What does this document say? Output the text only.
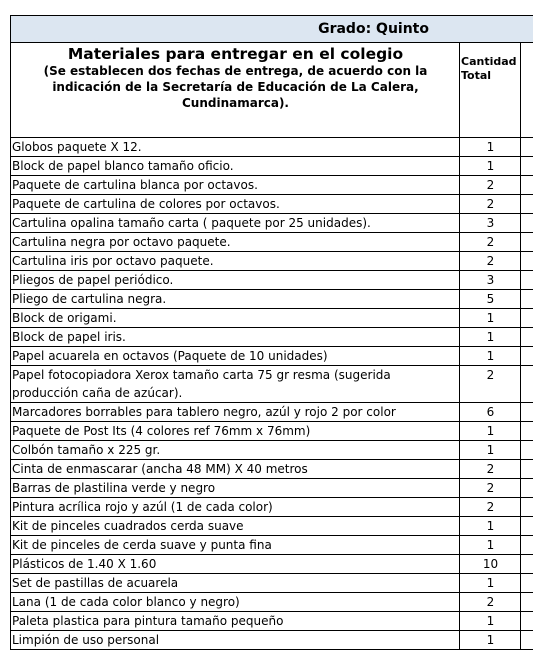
Grado: Quinto		

Materiales para entregar en el colegio
(Se establecen dos fechas de entrega, de acuerdo con la indicación de la Secretaría de Educación de La Calera, Cundinamarca).	Cantidad Total	
Globos paquete X 12.	1	
Block de papel blanco tamaño oficio.	1	
Paquete de cartulina blanca por octavos.	2	
Paquete de cartulina de colores por octavos.	2	
Cartulina opalina tamaño carta ( paquete por 25 unidades).	3	
Cartulina negra por octavo paquete.	2	
Cartulina iris por octavo paquete.	2	
Pliegos de papel periódico.	3	
Pliego de cartulina negra.	5	
Block de origami.	1	
Block de papel iris.	1	
Papel acuarela en octavos (Paquete de 10 unidades)	1	
Papel fotocopiadora Xerox tamaño carta 75 gr resma (sugerida producción caña de azúcar).	2	
Marcadores borrables para tablero negro, azúl y rojo 2 por color	6	
Paquete de Post Its (4 colores ref 76mm x 76mm)	1	
Colbón tamaño x 225 gr.	1	
Cinta de enmascarar (ancha 48 MM) X 40 metros	2	
Barras de plastilina verde y negro	2	
Pintura acrílica rojo y azúl (1 de cada color)	2	
Kit de pinceles cuadrados cerda suave	1	
Kit de pinceles de cerda suave y punta fina	1	
Plásticos de 1.40 X 1.60	10	
Set de pastillas de acuarela	1	
Lana (1 de cada color blanco y negro)	2	
Paleta plastica para pintura tamaño pequeño	1	
Limpión de uso personal	1	
